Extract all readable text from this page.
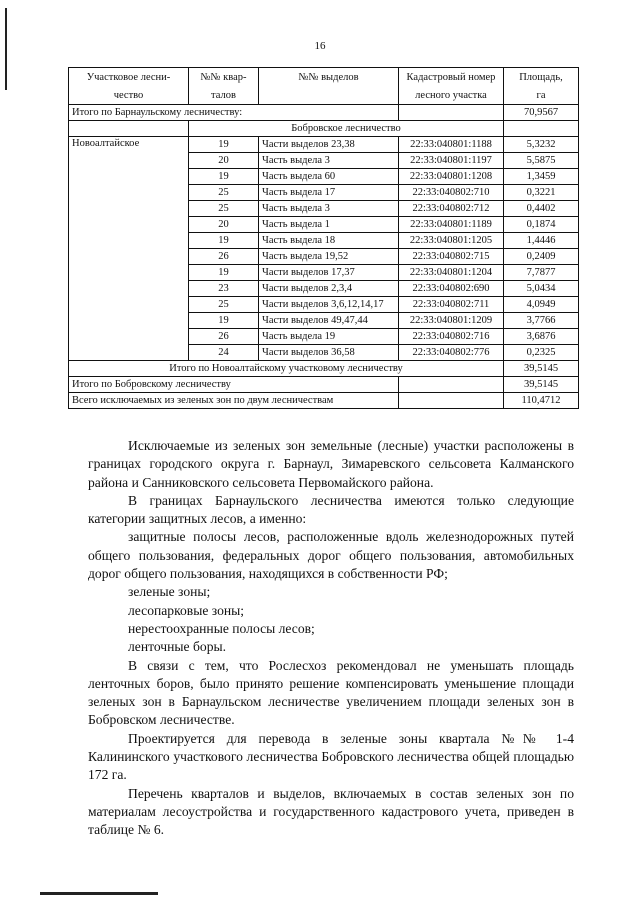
16
Участковое лесни-	№№ квар-	№№ выделов	Кадастровый номер	Площадь,
чество	талов		лесного участка	га
Итого по Барнаульскому лесничеству:				70,9567
	Бобровское лесничество			
Новоалтайское	19	Части выделов 23,38	22:33:040801:1188	5,3232
	20	Часть выдела 3	22:33:040801:1197	5,5875
	19	Часть выдела 60	22:33:040801:1208	1,3459
	25	Часть выдела 17	22:33:040802:710	0,3221
	25	Часть выдела 3	22:33:040802:712	0,4402
	20	Часть выдела 1	22:33:040801:1189	0,1874
	19	Часть выдела 18	22:33:040801:1205	1,4446
	26	Часть выдела 19,52	22:33:040802:715	0,2409
	19	Части выделов 17,37	22:33:040801:1204	7,7877
	23	Части выделов 2,3,4	22:33:040802:690	5,0434
	25	Части выделов 3,6,12,14,17	22:33:040802:711	4,0949
	19	Части выделов 49,47,44	22:33:040801:1209	3,7766
	26	Часть выдела 19	22:33:040802:716	3,6876
	24	Части выделов 36,58	22:33:040802:776	0,2325
Итого по Новоалтайскому участковому лесничеству				39,5145
Итого по Бобровскому лесничеству				39,5145
Всего исключаемых из зеленых зон по двум лесничествам				110,4712

Исключаемые из зеленых зон земельные (лесные) участки расположены в границах городского округа г. Барнаул, Зимаревского сельсовета Калманского района и Санниковского сельсовета Первомайского района.

В границах Барнаульского лесничества имеются только следующие категории защитных лесов, а именно:

защитные полосы лесов, расположенные вдоль железнодорожных путей общего пользования, федеральных дорог общего пользования, автомобильных дорог общего пользования, находящихся в собственности РФ;

зеленые зоны;

лесопарковые зоны;

нерестоохранные полосы лесов;

ленточные боры.

В связи с тем, что Рослесхоз рекомендовал не уменьшать площадь ленточных боров, было принято решение компенсировать уменьшение площади зеленых зон в Барнаульском лесничестве увеличением площади зеленых зон в Бобровском лесничестве.

Проектируется для перевода в зеленые зоны квартала №№ 1-4 Калининского участкового лесничества Бобровского лесничества общей площадью 172 га.

Перечень кварталов и выделов, включаемых в состав зеленых зон по материалам лесоустройства и государственного кадастрового учета, приведен в таблице № 6.
